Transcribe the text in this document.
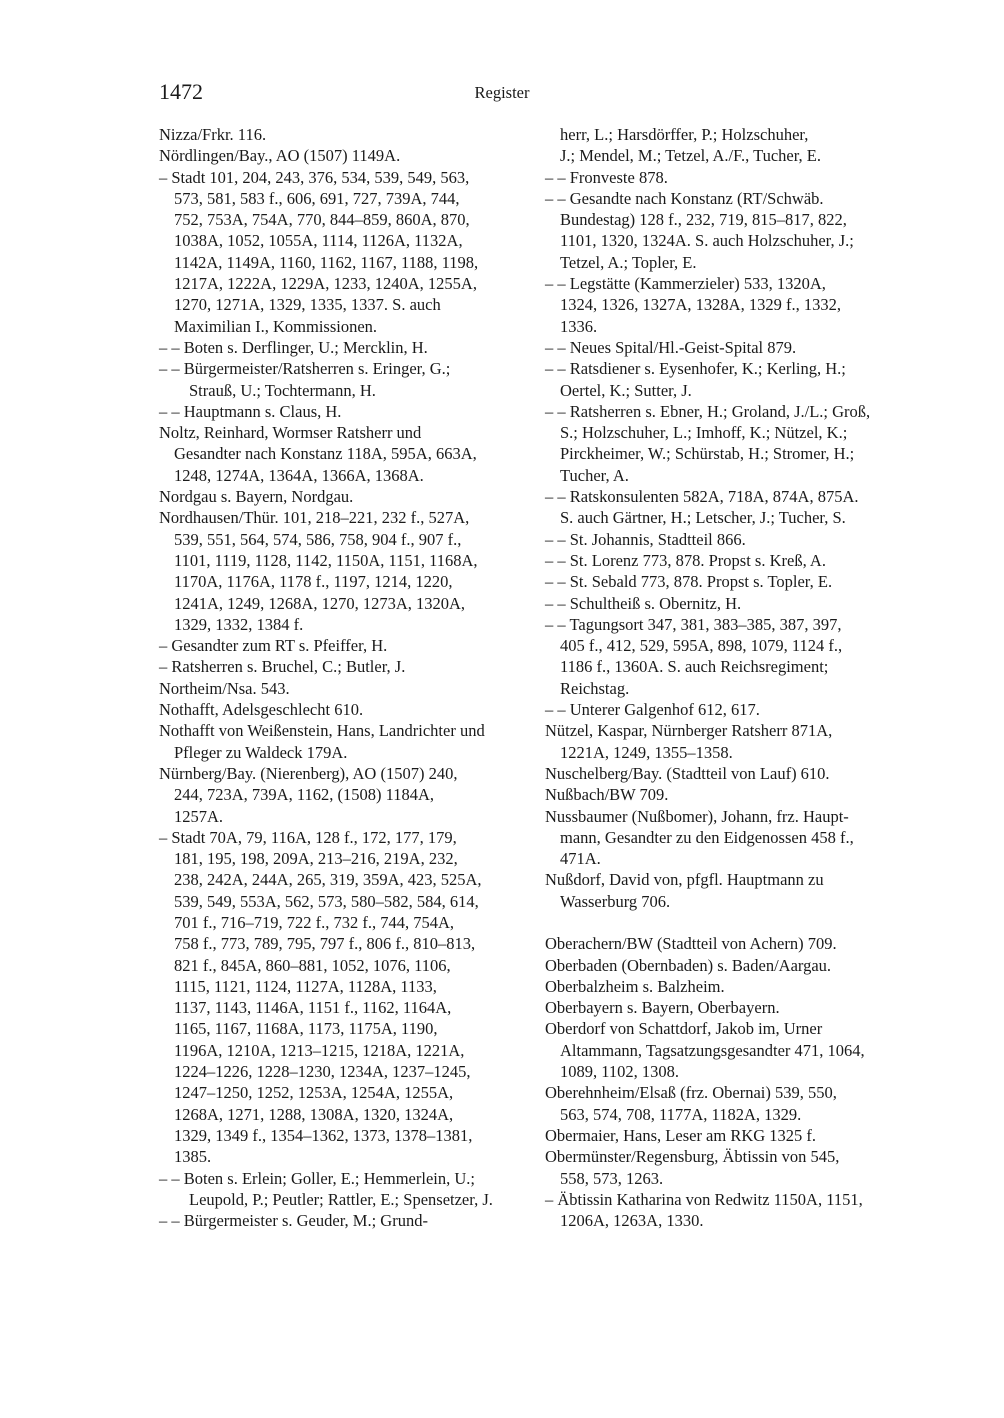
1472	Register

Nizza/Frkr. 116.

Nördlingen/Bay., AO (1507) 1149A.

– Stadt 101, 204, 243, 376, 534, 539, 549, 563,
573, 581, 583 f., 606, 691, 727, 739A, 744,
752, 753A, 754A, 770, 844–859, 860A, 870,
1038A, 1052, 1055A, 1114, 1126A, 1132A,
1142A, 1149A, 1160, 1162, 1167, 1188, 1198,
1217A, 1222A, 1229A, 1233, 1240A, 1255A,
1270, 1271A, 1329, 1335, 1337. S. auch
Maximilian I., Kommissionen.

– – Boten s. Derflinger, U.; Mercklin, H.

– – Bürgermeister/Ratsherren s. Eringer, G.;
Strauß, U.; Tochtermann, H.

– – Hauptmann s. Claus, H.

Noltz, Reinhard, Wormser Ratsherr und
Gesandter nach Konstanz 118A, 595A, 663A,
1248, 1274A, 1364A, 1366A, 1368A.

Nordgau s. Bayern, Nordgau.

Nordhausen/Thür. 101, 218–221, 232 f., 527A,
539, 551, 564, 574, 586, 758, 904 f., 907 f.,
1101, 1119, 1128, 1142, 1150A, 1151, 1168A,
1170A, 1176A, 1178 f., 1197, 1214, 1220,
1241A, 1249, 1268A, 1270, 1273A, 1320A,
1329, 1332, 1384 f.

– Gesandter zum RT s. Pfeiffer, H.

– Ratsherren s. Bruchel, C.; Butler, J.

Northeim/Nsa. 543.

Nothafft, Adelsgeschlecht 610.

Nothafft von Weißenstein, Hans, Landrichter und
Pfleger zu Waldeck 179A.

Nürnberg/Bay. (Nierenberg), AO (1507) 240,
244, 723A, 739A, 1162, (1508) 1184A,
1257A.

– Stadt 70A, 79, 116A, 128 f., 172, 177, 179,
181, 195, 198, 209A, 213–216, 219A, 232,
238, 242A, 244A, 265, 319, 359A, 423, 525A,
539, 549, 553A, 562, 573, 580–582, 584, 614,
701 f., 716–719, 722 f., 732 f., 744, 754A,
758 f., 773, 789, 795, 797 f., 806 f., 810–813,
821 f., 845A, 860–881, 1052, 1076, 1106,
1115, 1121, 1124, 1127A, 1128A, 1133,
1137, 1143, 1146A, 1151 f., 1162, 1164A,
1165, 1167, 1168A, 1173, 1175A, 1190,
1196A, 1210A, 1213–1215, 1218A, 1221A,
1224–1226, 1228–1230, 1234A, 1237–1245,
1247–1250, 1252, 1253A, 1254A, 1255A,
1268A, 1271, 1288, 1308A, 1320, 1324A,
1329, 1349 f., 1354–1362, 1373, 1378–1381,
1385.

– – Boten s. Erlein; Goller, E.; Hemmerlein, U.;
Leupold, P.; Peutler; Rattler, E.; Spensetzer, J.

– – Bürgermeister s. Geuder, M.; Grund-

herr, L.; Harsdörffer, P.; Holzschuher,
J.; Mendel, M.; Tetzel, A./F., Tucher, E.

– – Fronveste 878.

– – Gesandte nach Konstanz (RT/Schwäb.
Bundestag) 128 f., 232, 719, 815–817, 822,
1101, 1320, 1324A. S. auch Holzschuher, J.;
Tetzel, A.; Topler, E.

– – Legstätte (Kammerzieler) 533, 1320A,
1324, 1326, 1327A, 1328A, 1329 f., 1332,
1336.

– – Neues Spital/Hl.-Geist-Spital 879.

– – Ratsdiener s. Eysenhofer, K.; Kerling, H.;
Oertel, K.; Sutter, J.

– – Ratsherren s. Ebner, H.; Groland, J./L.; Groß,
S.; Holzschuher, L.; Imhoff, K.; Nützel, K.;
Pirckheimer, W.; Schürstab, H.; Stromer, H.;
Tucher, A.

– – Ratskonsulenten 582A, 718A, 874A, 875A.
S. auch Gärtner, H.; Letscher, J.; Tucher, S.

– – St. Johannis, Stadtteil 866.

– – St. Lorenz 773, 878. Propst s. Kreß, A.

– – St. Sebald 773, 878. Propst s. Topler, E.

– – Schultheiß s. Obernitz, H.

– – Tagungsort 347, 381, 383–385, 387, 397,
405 f., 412, 529, 595A, 898, 1079, 1124 f.,
1186 f., 1360A. S. auch Reichsregiment;
Reichstag.

– – Unterer Galgenhof 612, 617.

Nützel, Kaspar, Nürnberger Ratsherr 871A,
1221A, 1249, 1355–1358.

Nuschelberg/Bay. (Stadtteil von Lauf) 610.

Nußbach/BW 709.

Nussbaumer (Nußbomer), Johann, frz. Haupt-
mann, Gesandter zu den Eidgenossen 458 f.,
471A.

Nußdorf, David von, pfgfl. Hauptmann zu
Wasserburg 706.

Oberachern/BW (Stadtteil von Achern) 709.

Oberbaden (Obernbaden) s. Baden/Aargau.

Oberbalzheim s. Balzheim.

Oberbayern s. Bayern, Oberbayern.

Oberdorf von Schattdorf, Jakob im, Urner
Altammann, Tagsatzungsgesandter 471, 1064,
1089, 1102, 1308.

Oberehnheim/Elsaß (frz. Obernai) 539, 550,
563, 574, 708, 1177A, 1182A, 1329.

Obermaier, Hans, Leser am RKG 1325 f.

Obermünster/Regensburg, Äbtissin von 545,
558, 573, 1263.

– Äbtissin Katharina von Redwitz 1150A, 1151,
1206A, 1263A, 1330.
